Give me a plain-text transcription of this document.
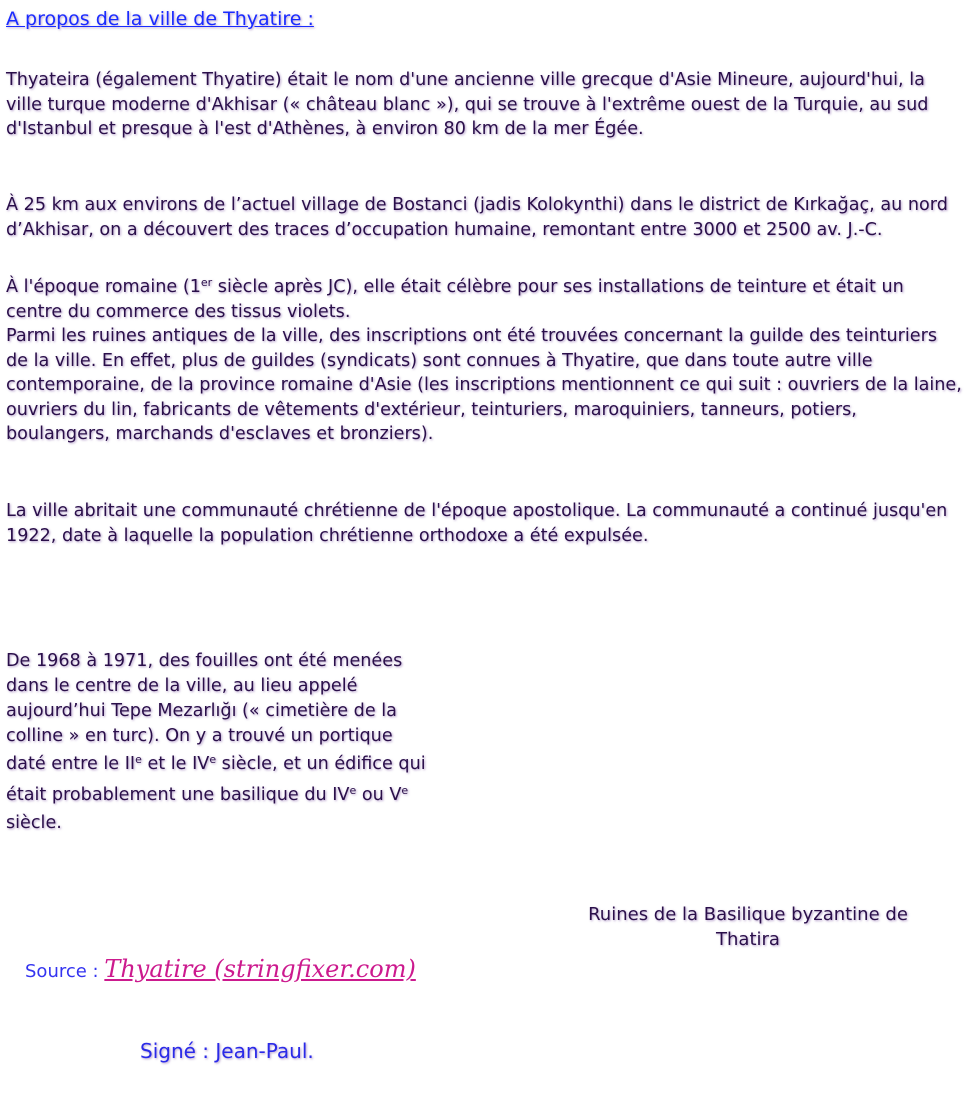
A propos de la ville de Thyatire :

Thyateira (également Thyatire) était le nom d'une ancienne ville grecque d'Asie Mineure, aujourd'hui, la ville turque moderne d'Akhisar (« château blanc »), qui se trouve à l'extrême ouest de la Turquie, au sud d'Istanbul et presque à l'est d'Athènes, à environ 80 km de la mer Égée.

À 25 km aux environs de l’actuel village de Bostanci (jadis Kolokynthi) dans le district de Kırkağaç, au nord d’Akhisar, on a découvert des traces d’occupation humaine, remontant entre 3000 et 2500 av. J.-C.

À l'époque romaine (1er siècle après JC), elle était célèbre pour ses installations de teinture et était un centre du commerce des tissus violets.

Parmi les ruines antiques de la ville, des inscriptions ont été trouvées concernant la guilde des teinturiers de la ville. En effet, plus de guildes (syndicats) sont connues à Thyatire, que dans toute autre ville contemporaine, de la province romaine d'Asie (les inscriptions mentionnent ce qui suit : ouvriers de la laine, ouvriers du lin, fabricants de vêtements d'extérieur, teinturiers, maroquiniers, tanneurs, potiers, boulangers, marchands d'esclaves et bronziers).

La ville abritait une communauté chrétienne de l'époque apostolique. La communauté a continué jusqu'en 1922, date à laquelle la population chrétienne orthodoxe a été expulsée.

De 1968 à 1971, des fouilles ont été menées
dans le centre de la ville, au lieu appelé
aujourd’hui Tepe Mezarlığı (« cimetière de la
colline » en turc). On y a trouvé un portique
daté entre le IIe et le IVe siècle, et un édifice qui
était probablement une basilique du IVe ou Ve
siècle.
Ruines de la Basilique byzantine de
Thatira
Source : Thyatire (stringfixer.com)
Signé : Jean-Paul.
